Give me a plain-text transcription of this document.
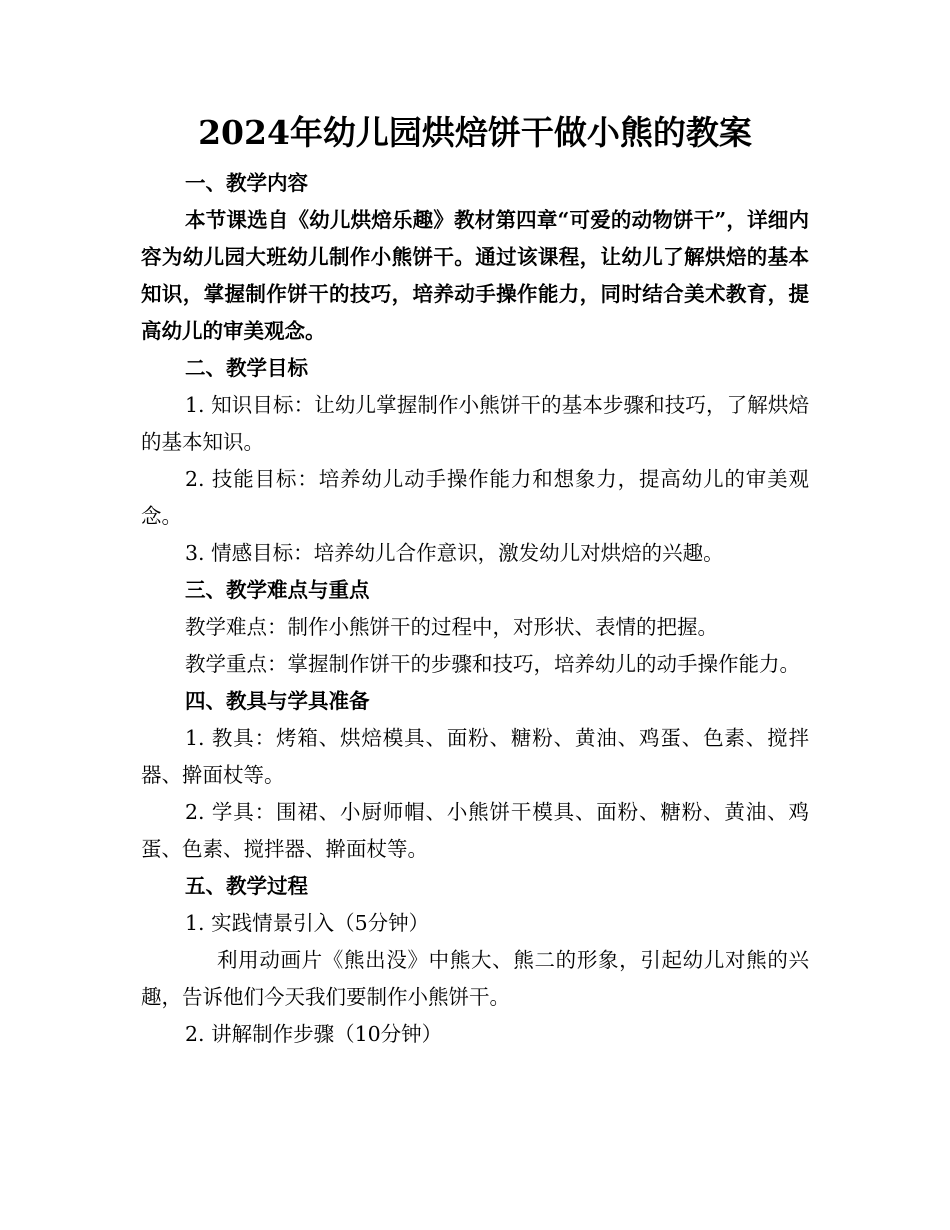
2024年幼儿园烘焙饼干做小熊的教案

一、教学内容

本节课选自《幼儿烘焙乐趣》教材第四章“可爱的动物饼干”，详细内容为幼儿园大班幼儿制作小熊饼干。通过该课程，让幼儿了解烘焙的基本知识，掌握制作饼干的技巧，培养动手操作能力，同时结合美术教育，提高幼儿的审美观念。

二、教学目标

1. 知识目标：让幼儿掌握制作小熊饼干的基本步骤和技巧，了解烘焙的基本知识。

2. 技能目标：培养幼儿动手操作能力和想象力，提高幼儿的审美观念。

3. 情感目标：培养幼儿合作意识，激发幼儿对烘焙的兴趣。

三、教学难点与重点

教学难点：制作小熊饼干的过程中，对形状、表情的把握。

教学重点：掌握制作饼干的步骤和技巧，培养幼儿的动手操作能力。

四、教具与学具准备

1. 教具：烤箱、烘焙模具、面粉、糖粉、黄油、鸡蛋、色素、搅拌器、擀面杖等。

2. 学具：围裙、小厨师帽、小熊饼干模具、面粉、糖粉、黄油、鸡蛋、色素、搅拌器、擀面杖等。

五、教学过程

1. 实践情景引入（5分钟）

利用动画片《熊出没》中熊大、熊二的形象，引起幼儿对熊的兴趣，告诉他们今天我们要制作小熊饼干。

2. 讲解制作步骤（10分钟）
